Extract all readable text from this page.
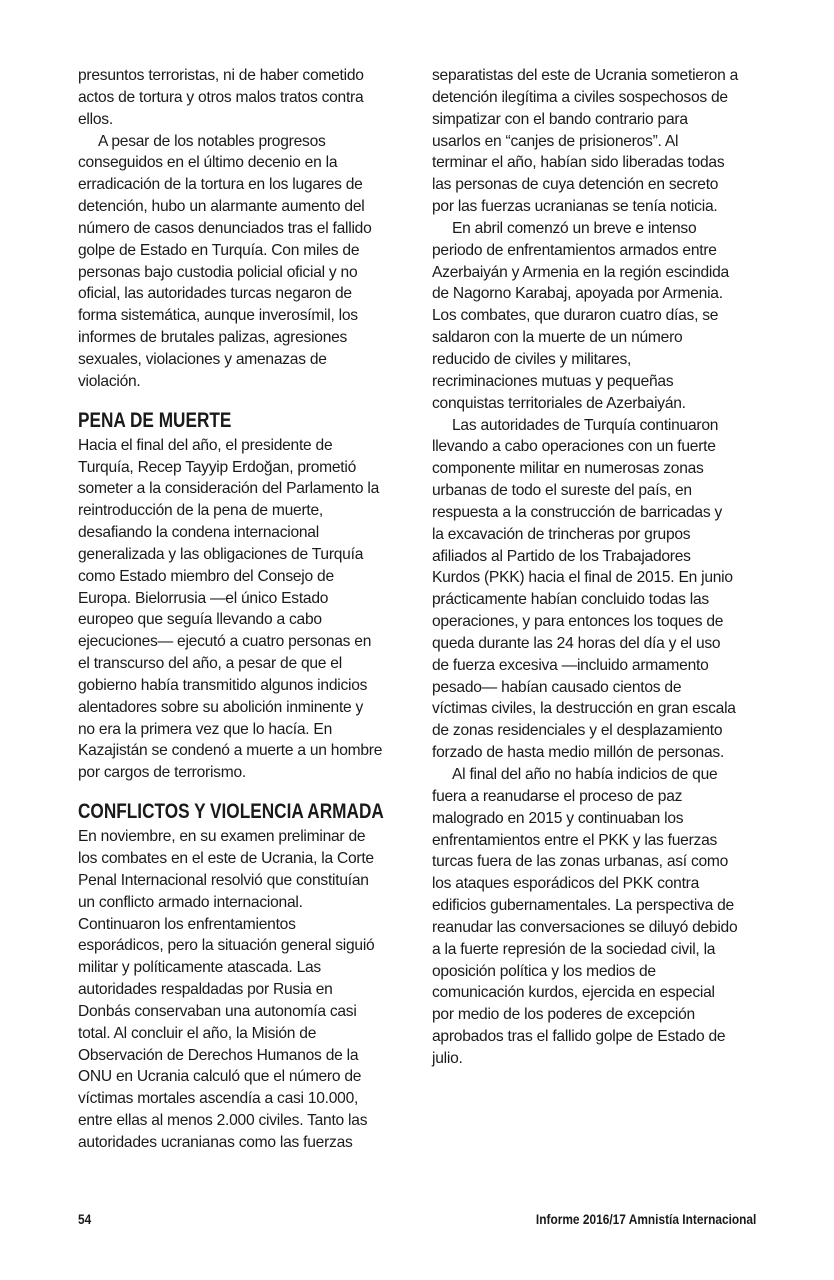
presuntos terroristas, ni de haber cometido
actos de tortura y otros malos tratos contra
ellos.
A pesar de los notables progresos
conseguidos en el último decenio en la
erradicación de la tortura en los lugares de
detención, hubo un alarmante aumento del
número de casos denunciados tras el fallido
golpe de Estado en Turquía. Con miles de
personas bajo custodia policial oficial y no
oficial, las autoridades turcas negaron de
forma sistemática, aunque inverosímil, los
informes de brutales palizas, agresiones
sexuales, violaciones y amenazas de
violación.
PENA DE MUERTE
Hacia el final del año, el presidente de
Turquía, Recep Tayyip Erdoğan, prometió
someter a la consideración del Parlamento la
reintroducción de la pena de muerte,
desafiando la condena internacional
generalizada y las obligaciones de Turquía
como Estado miembro del Consejo de
Europa. Bielorrusia —el único Estado
europeo que seguía llevando a cabo
ejecuciones— ejecutó a cuatro personas en
el transcurso del año, a pesar de que el
gobierno había transmitido algunos indicios
alentadores sobre su abolición inminente y
no era la primera vez que lo hacía. En
Kazajistán se condenó a muerte a un hombre
por cargos de terrorismo.
CONFLICTOS Y VIOLENCIA ARMADA
En noviembre, en su examen preliminar de
los combates en el este de Ucrania, la Corte
Penal Internacional resolvió que constituían
un conflicto armado internacional.
Continuaron los enfrentamientos
esporádicos, pero la situación general siguió
militar y políticamente atascada. Las
autoridades respaldadas por Rusia en
Donbás conservaban una autonomía casi
total. Al concluir el año, la Misión de
Observación de Derechos Humanos de la
ONU en Ucrania calculó que el número de
víctimas mortales ascendía a casi 10.000,
entre ellas al menos 2.000 civiles. Tanto las
autoridades ucranianas como las fuerzas
separatistas del este de Ucrania sometieron a
detención ilegítima a civiles sospechosos de
simpatizar con el bando contrario para
usarlos en “canjes de prisioneros”. Al
terminar el año, habían sido liberadas todas
las personas de cuya detención en secreto
por las fuerzas ucranianas se tenía noticia.
En abril comenzó un breve e intenso
periodo de enfrentamientos armados entre
Azerbaiyán y Armenia en la región escindida
de Nagorno Karabaj, apoyada por Armenia.
Los combates, que duraron cuatro días, se
saldaron con la muerte de un número
reducido de civiles y militares,
recriminaciones mutuas y pequeñas
conquistas territoriales de Azerbaiyán.
Las autoridades de Turquía continuaron
llevando a cabo operaciones con un fuerte
componente militar en numerosas zonas
urbanas de todo el sureste del país, en
respuesta a la construcción de barricadas y
la excavación de trincheras por grupos
afiliados al Partido de los Trabajadores
Kurdos (PKK) hacia el final de 2015. En junio
prácticamente habían concluido todas las
operaciones, y para entonces los toques de
queda durante las 24 horas del día y el uso
de fuerza excesiva —incluido armamento
pesado— habían causado cientos de
víctimas civiles, la destrucción en gran escala
de zonas residenciales y el desplazamiento
forzado de hasta medio millón de personas.
Al final del año no había indicios de que
fuera a reanudarse el proceso de paz
malogrado en 2015 y continuaban los
enfrentamientos entre el PKK y las fuerzas
turcas fuera de las zonas urbanas, así como
los ataques esporádicos del PKK contra
edificios gubernamentales. La perspectiva de
reanudar las conversaciones se diluyó debido
a la fuerte represión de la sociedad civil, la
oposición política y los medios de
comunicación kurdos, ejercida en especial
por medio de los poderes de excepción
aprobados tras el fallido golpe de Estado de
julio.
54	Informe 2016/17 Amnistía Internacional
